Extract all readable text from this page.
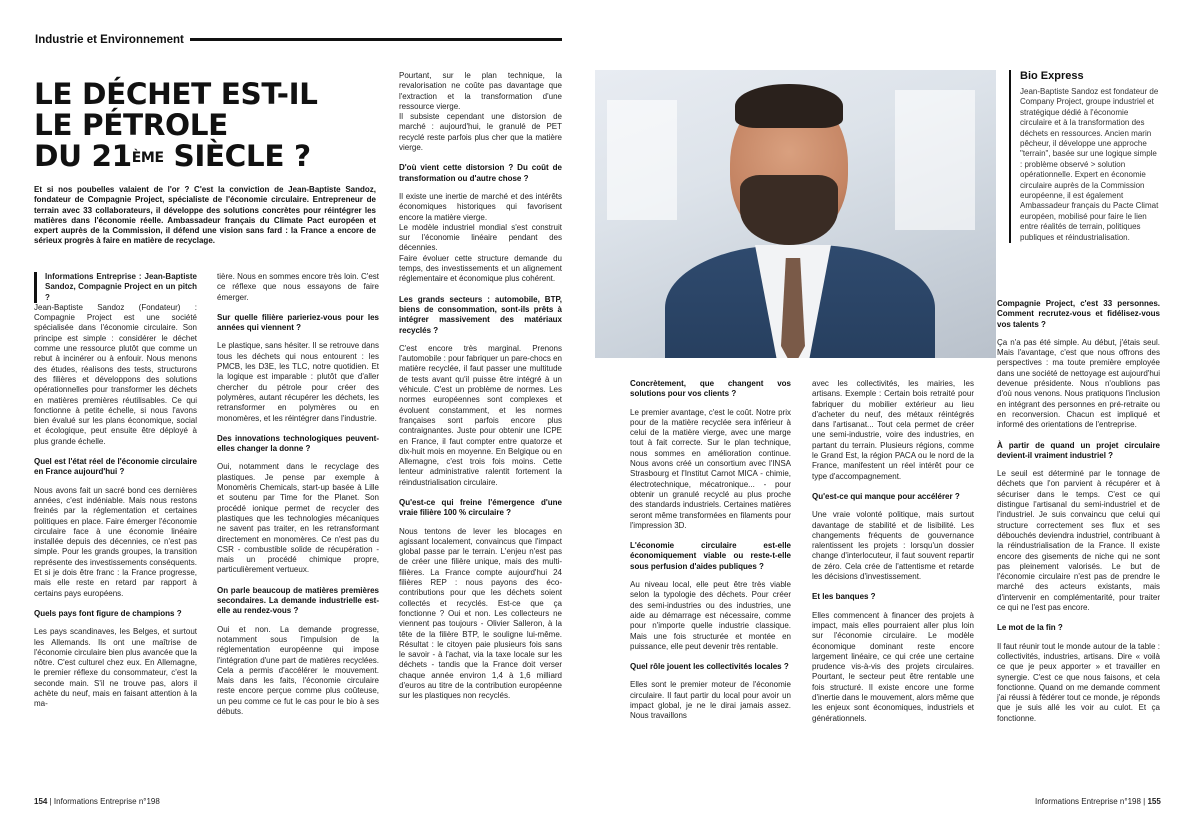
Industrie et Environnement
LE DÉCHET EST-IL
LE PÉTROLE
DU 21ÈME SIÈCLE ?

Et si nos poubelles valaient de l'or ? C'est la conviction de Jean-Baptiste Sandoz, fondateur de Compagnie Project, spécialiste de l'économie circulaire. Entrepreneur de terrain avec 33 collaborateurs, il développe des solutions concrètes pour réintégrer les matières dans l'économie réelle. Ambassadeur français du Climate Pact européen et expert auprès de la Commission, il défend une vision sans fard : la France a encore de sérieux progrès à faire en matière de recyclage.

Informations Entreprise : Jean-Baptiste Sandoz, Compagnie Project en un pitch ?

Jean-Baptiste Sandoz (Fondateur) : Compagnie Project est une société spécialisée dans l'économie circulaire. Son principe est simple : considérer le déchet comme une ressource plutôt que comme un rebut à incinérer ou à enfouir. Nous menons des études, réalisons des tests, structurons des filières et développons des solutions opérationnelles pour transformer les déchets en matières premières réutilisables. Ce qui fonctionne à petite échelle, si nous l'avons bien évalué sur les plans économique, social et écologique, peut ensuite être déployé à plus grande échelle.

Quel est l'état réel de l'économie circulaire en France aujourd'hui ?

Nous avons fait un sacré bond ces dernières années, c'est indéniable. Mais nous restons freinés par la réglementation et certaines politiques en place. Faire émerger l'économie circulaire face à une économie linéaire installée depuis des décennies, ce n'est pas simple. Pour les grands groupes, la transition représente des investissements conséquents. Et si je dois être franc : la France progresse, mais elle reste en retard par rapport à certains pays européens.

Quels pays font figure de champions ?

Les pays scandinaves, les Belges, et surtout les Allemands. Ils ont une maîtrise de l'économie circulaire bien plus avancée que la nôtre. C'est culturel chez eux. En Allemagne, le premier réflexe du consommateur, c'est la seconde main. S'il ne trouve pas, alors il achète du neuf, mais en faisant attention à la ma-

tière. Nous en sommes encore très loin. C'est ce réflexe que nous essayons de faire émerger.

Sur quelle filière parieriez-vous pour les années qui viennent ?

Le plastique, sans hésiter. Il se retrouve dans tous les déchets qui nous entourent : les PMCB, les D3E, les TLC, notre quotidien. Et la logique est imparable : plutôt que d'aller chercher du pétrole pour créer des polymères, autant récupérer les déchets, les retransformer en polymères ou en monomères, et les réintégrer dans l'industrie.

Des innovations technologiques peuvent-elles changer la donne ?

Oui, notamment dans le recyclage des plastiques. Je pense par exemple à Monomèris Chemicals, start-up basée à Lille et soutenu par Time for the Planet. Son procédé ionique permet de recycler des plastiques que les technologies mécaniques ne savent pas traiter, en les retransformant directement en monomères. Ce n'est pas du CSR - combustible solide de récupération - mais un procédé chimique propre, particulièrement vertueux.

On parle beaucoup de matières premières secondaires. La demande industrielle est-elle au rendez-vous ?

Oui et non. La demande progresse, notamment sous l'impulsion de la réglementation européenne qui impose l'intégration d'une part de matières recyclées. Cela a permis d'accélérer le mouvement. Mais dans les faits, l'économie circulaire reste encore perçue comme plus coûteuse, un peu comme ce fut le cas pour le bio à ses débuts.

Pourtant, sur le plan technique, la revalorisation ne coûte pas davantage que l'extraction et la transformation d'une ressource vierge.

Il subsiste cependant une distorsion de marché : aujourd'hui, le granulé de PET recyclé reste parfois plus cher que la matière vierge.

D'où vient cette distorsion ? Du coût de transformation ou d'autre chose ?

Il existe une inertie de marché et des intérêts économiques historiques qui favorisent encore la matière vierge.

Le modèle industriel mondial s'est construit sur l'économie linéaire pendant des décennies.

Faire évoluer cette structure demande du temps, des investissements et un alignement réglementaire et économique plus cohérent.

Les grands secteurs : automobile, BTP, biens de consommation, sont-ils prêts à intégrer massivement des matériaux recyclés ?

C'est encore très marginal. Prenons l'automobile : pour fabriquer un pare-chocs en matière recyclée, il faut passer une multitude de tests avant qu'il puisse être intégré à un véhicule. C'est un problème de normes. Les normes européennes sont complexes et évoluent constamment, et les normes françaises sont parfois encore plus contraignantes. Juste pour obtenir une ICPE en France, il faut compter entre quatorze et dix-huit mois en moyenne. En Belgique ou en Allemagne, c'est trois fois moins. Cette lenteur administrative ralentit fortement la réindustrialisation circulaire.

Qu'est-ce qui freine l'émergence d'une vraie filière 100 % circulaire ?

Nous tentons de lever les blocages en agissant localement, convaincus que l'impact global passe par le terrain. L'enjeu n'est pas de créer une filière unique, mais des multi-filières. La France compte aujourd'hui 24 filières REP : nous payons des éco-contributions pour que les déchets soient collectés et recyclés. Est-ce que ça fonctionne ? Oui et non. Les collecteurs ne viennent pas toujours - Olivier Salleron, à la tête de la filière BTP, le souligne lui-même. Résultat : le citoyen paie plusieurs fois sans le savoir - à l'achat, via la taxe locale sur les déchets - tandis que la France doit verser chaque année environ 1,4 à 1,6 milliard d'euros au titre de la contribution européenne sur les plastiques non recyclés.

Concrètement, que changent vos solutions pour vos clients ?

Le premier avantage, c'est le coût. Notre prix pour de la matière recyclée sera inférieur à celui de la matière vierge, avec une marge tout à fait correcte. Sur le plan technique, nous sommes en amélioration continue. Nous avons créé un consortium avec l'INSA Strasbourg et l'Institut Carnot MICA - chimie, électrotechnique, mécatronique... - pour obtenir un granulé recyclé au plus proche des standards industriels. Certaines matières seront même transformées en filaments pour l'impression 3D.

L'économie circulaire est-elle économiquement viable ou reste-t-elle sous perfusion d'aides publiques ?

Au niveau local, elle peut être très viable selon la typologie des déchets. Pour créer des semi-industries ou des industries, une aide au démarrage est nécessaire, comme pour n'importe quelle industrie classique. Mais une fois structurée et montée en puissance, elle peut devenir très rentable.

Quel rôle jouent les collectivités locales ?

Elles sont le premier moteur de l'économie circulaire. Il faut partir du local pour avoir un impact global, je ne le dirai jamais assez. Nous travaillons

avec les collectivités, les mairies, les artisans. Exemple : Certain bois retraité pour fabriquer du mobilier extérieur au lieu d'acheter du neuf, des métaux réintégrés dans l'artisanat... Tout cela permet de créer une semi-industrie, voire des industries, en partant du terrain. Plusieurs régions, comme le Grand Est, la région PACA ou le nord de la France, manifestent un réel intérêt pour ce type d'accompagnement.

Qu'est-ce qui manque pour accélérer ?

Une vraie volonté politique, mais surtout davantage de stabilité et de lisibilité. Les changements fréquents de gouvernance ralentissent les projets : lorsqu'un dossier change d'interlocuteur, il faut souvent repartir de zéro. Cela crée de l'attentisme et retarde les décisions d'investissement.

Et les banques ?

Elles commencent à financer des projets à impact, mais elles pourraient aller plus loin sur l'économie circulaire. Le modèle économique dominant reste encore largement linéaire, ce qui crée une certaine prudence vis-à-vis des projets circulaires. Pourtant, le secteur peut être rentable une fois structuré. Il existe encore une forme d'inertie dans le mouvement, alors même que les enjeux sont économiques, industriels et générationnels.

Bio Express

Jean-Baptiste Sandoz est fondateur de Company Project, groupe industriel et stratégique dédié à l'économie circulaire et à la transformation des déchets en ressources. Ancien marin pêcheur, il développe une approche "terrain", basée sur une logique simple : problème observé > solution opérationnelle. Expert en économie circulaire auprès de la Commission européenne, il est également Ambassadeur français du Pacte Climat européen, mobilisé pour faire le lien entre réalités de terrain, politiques publiques et réindustrialisation.

Compagnie Project, c'est 33 personnes. Comment recrutez-vous et fidélisez-vous vos talents ?

Ça n'a pas été simple. Au début, j'étais seul. Mais l'avantage, c'est que nous offrons des perspectives : ma toute première employée dans une société de nettoyage est aujourd'hui devenue présidente. Nous n'oublions pas d'où nous venons. Nous pratiquons l'inclusion en intégrant des personnes en pré-retraite ou en reconversion. Chacun est impliqué et informé des orientations de l'entreprise.

À partir de quand un projet circulaire devient-il vraiment industriel ?

Le seuil est déterminé par le tonnage de déchets que l'on parvient à récupérer et à sécuriser dans le temps. C'est ce qui distingue l'artisanal du semi-industriel et de l'industriel. Je suis convaincu que celui qui structure correctement ses flux et ses débouchés deviendra industriel, contribuant à la réindustrialisation de la France. Il existe encore des gisements de niche qui ne sont pas pleinement valorisés. Le but de l'économie circulaire n'est pas de prendre le marché des acteurs existants, mais d'intervenir en complémentarité, pour traiter ce qui ne l'est pas encore.

Le mot de la fin ?

Il faut réunir tout le monde autour de la table : collectivités, industries, artisans. Dire « voilà ce que je peux apporter » et travailler en synergie. C'est ce que nous faisons, et cela fonctionne. Quand on me demande comment j'ai réussi à fédérer tout ce monde, je réponds que je suis allé les voir au culot. Et ça fonctionne.

154 | Informations Entreprise n°198	Informations Entreprise n°198 | 155
